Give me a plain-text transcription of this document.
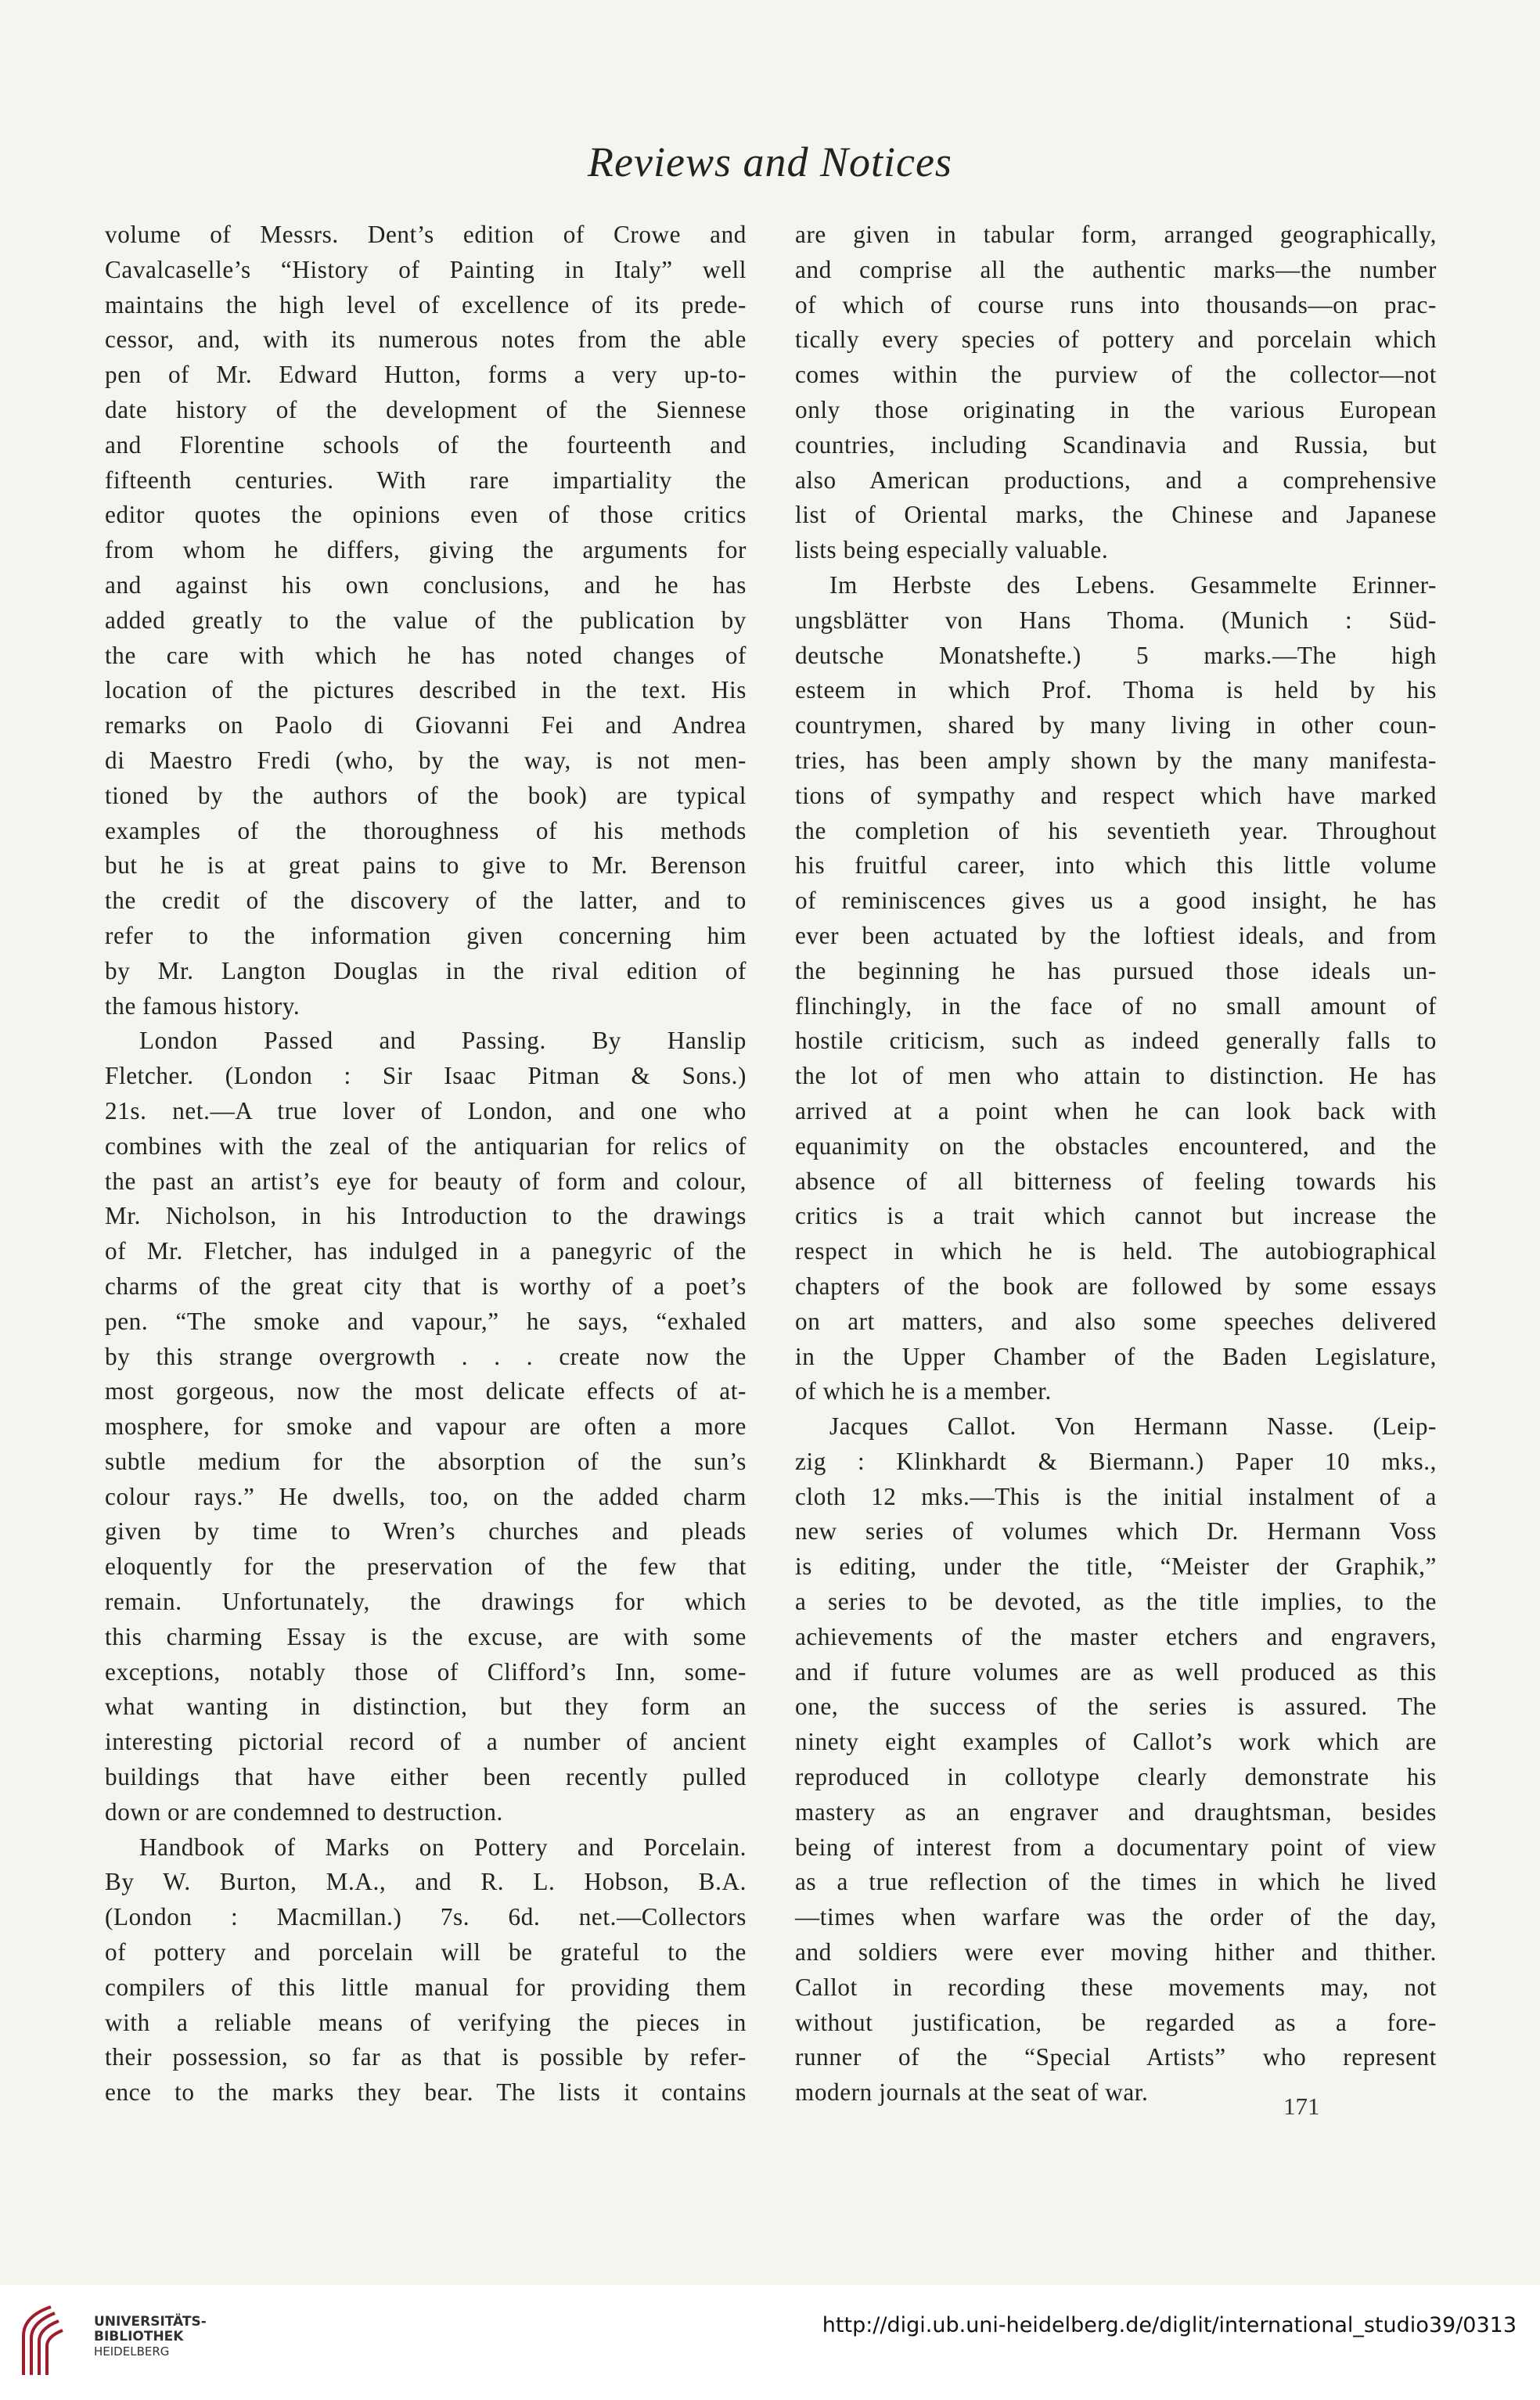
Reviews and Notices
volume of Messrs. Dent’s edition of Crowe and
Cavalcaselle’s “History of Painting in Italy” well
maintains the high level of excellence of its prede-
cessor, and, with its numerous notes from the able
pen of Mr. Edward Hutton, forms a very up-to-
date history of the development of the Siennese
and Florentine schools of the fourteenth and
fifteenth centuries. With rare impartiality the
editor quotes the opinions even of those critics
from whom he differs, giving the arguments for
and against his own conclusions, and he has
added greatly to the value of the publication by
the care with which he has noted changes of
location of the pictures described in the text. His
remarks on Paolo di Giovanni Fei and Andrea
di Maestro Fredi (who, by the way, is not men-
tioned by the authors of the book) are typical
examples of the thoroughness of his methods
but he is at great pains to give to Mr. Berenson
the credit of the discovery of the latter, and to
refer to the information given concerning him
by Mr. Langton Douglas in the rival edition of
the famous history.
London Passed and Passing. By Hanslip
Fletcher. (London : Sir Isaac Pitman & Sons.)
21s. net.—A true lover of London, and one who
combines with the zeal of the antiquarian for relics of
the past an artist’s eye for beauty of form and colour,
Mr. Nicholson, in his Introduction to the drawings
of Mr. Fletcher, has indulged in a panegyric of the
charms of the great city that is worthy of a poet’s
pen. “The smoke and vapour,” he says, “exhaled
by this strange overgrowth . . . create now the
most gorgeous, now the most delicate effects of at-
mosphere, for smoke and vapour are often a more
subtle medium for the absorption of the sun’s
colour rays.” He dwells, too, on the added charm
given by time to Wren’s churches and pleads
eloquently for the preservation of the few that
remain. Unfortunately, the drawings for which
this charming Essay is the excuse, are with some
exceptions, notably those of Clifford’s Inn, some-
what wanting in distinction, but they form an
interesting pictorial record of a number of ancient
buildings that have either been recently pulled
down or are condemned to destruction.
Handbook of Marks on Pottery and Porcelain.
By W. Burton, M.A., and R. L. Hobson, B.A.
(London : Macmillan.) 7s. 6d. net.—Collectors
of pottery and porcelain will be grateful to the
compilers of this little manual for providing them
with a reliable means of verifying the pieces in
their possession, so far as that is possible by refer-
ence to the marks they bear. The lists it contains
are given in tabular form, arranged geographically,
and comprise all the authentic marks—the number
of which of course runs into thousands—on prac-
tically every species of pottery and porcelain which
comes within the purview of the collector—not
only those originating in the various European
countries, including Scandinavia and Russia, but
also American productions, and a comprehensive
list of Oriental marks, the Chinese and Japanese
lists being especially valuable.
Im Herbste des Lebens. Gesammelte Erinner-
ungsblätter von Hans Thoma. (Munich : Süd-
deutsche Monatshefte.) 5 marks.—The high
esteem in which Prof. Thoma is held by his
countrymen, shared by many living in other coun-
tries, has been amply shown by the many manifesta-
tions of sympathy and respect which have marked
the completion of his seventieth year. Throughout
his fruitful career, into which this little volume
of reminiscences gives us a good insight, he has
ever been actuated by the loftiest ideals, and from
the beginning he has pursued those ideals un-
flinchingly, in the face of no small amount of
hostile criticism, such as indeed generally falls to
the lot of men who attain to distinction. He has
arrived at a point when he can look back with
equanimity on the obstacles encountered, and the
absence of all bitterness of feeling towards his
critics is a trait which cannot but increase the
respect in which he is held. The autobiographical
chapters of the book are followed by some essays
on art matters, and also some speeches delivered
in the Upper Chamber of the Baden Legislature,
of which he is a member.
Jacques Callot. Von Hermann Nasse. (Leip-
zig : Klinkhardt & Biermann.) Paper 10 mks.,
cloth 12 mks.—This is the initial instalment of a
new series of volumes which Dr. Hermann Voss
is editing, under the title, “Meister der Graphik,”
a series to be devoted, as the title implies, to the
achievements of the master etchers and engravers,
and if future volumes are as well produced as this
one, the success of the series is assured. The
ninety eight examples of Callot’s work which are
reproduced in collotype clearly demonstrate his
mastery as an engraver and draughtsman, besides
being of interest from a documentary point of view
as a true reflection of the times in which he lived
—times when warfare was the order of the day,
and soldiers were ever moving hither and thither.
Callot in recording these movements may, not
without justification, be regarded as a fore-
runner of the “Special Artists” who represent
modern journals at the seat of war.
171
UNIVERSITÄTS-
BIBLIOTHEK
HEIDELBERG
http://digi.ub.uni-heidelberg.de/diglit/international_studio39/0313
